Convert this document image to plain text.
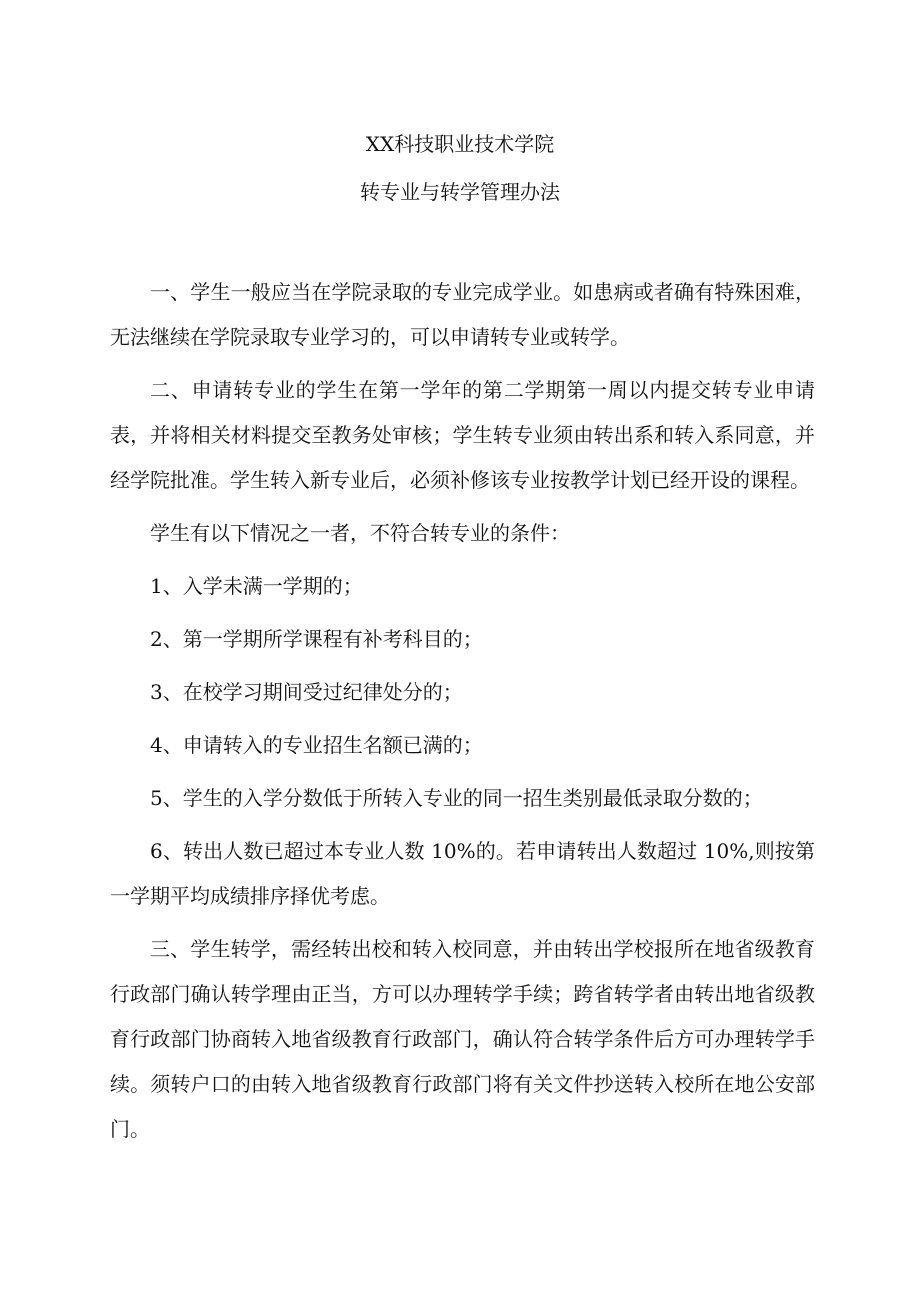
XX科技职业技术学院
转专业与转学管理办法

一、学生一般应当在学院录取的专业完成学业。如患病或者确有特殊困难，无法继续在学院录取专业学习的，可以申请转专业或转学。

二、申请转专业的学生在第一学年的第二学期第一周以内提交转专业申请表，并将相关材料提交至教务处审核；学生转专业须由转出系和转入系同意，并经学院批准。学生转入新专业后，必须补修该专业按教学计划已经开设的课程。

学生有以下情况之一者，不符合转专业的条件：

1、入学未满一学期的；

2、第一学期所学课程有补考科目的；

3、在校学习期间受过纪律处分的；

4、申请转入的专业招生名额已满的；

5、学生的入学分数低于所转入专业的同一招生类别最低录取分数的；

6、转出人数已超过本专业人数 10%的。若申请转出人数超过 10%,则按第一学期平均成绩排序择优考虑。

三、学生转学，需经转出校和转入校同意，并由转出学校报所在地省级教育行政部门确认转学理由正当，方可以办理转学手续；跨省转学者由转出地省级教育行政部门协商转入地省级教育行政部门，确认符合转学条件后方可办理转学手续。须转户口的由转入地省级教育行政部门将有关文件抄送转入校所在地公安部门。
